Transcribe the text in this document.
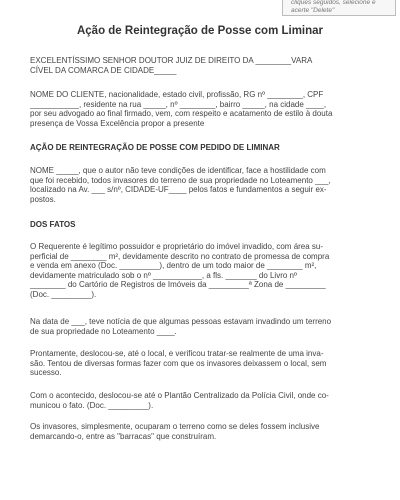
cliques seguidos, selecione e
acerte "Delete"
Ação de Reintegração de Posse com Liminar
EXCELENTÍSSIMO SENHOR DOUTOR JUIZ DE DIREITO DA ________VARA
CÍVEL DA COMARCA DE CIDADE_____
NOME DO CLIENTE, nacionalidade, estado civil, profissão, RG nº ________, CPF
___________, residente na rua _____, nº ________, bairro _____, na cidade ____,
por seu advogado ao final firmado, vem, com respeito e acatamento de estilo à douta
presença de Vossa Excelência propor a presente
AÇÃO DE REINTEGRAÇÃO DE POSSE COM PEDIDO DE LIMINAR
NOME _____, que o autor não teve condições de identificar, face a hostilidade com
que foi recebido, todos invasores do terreno de sua propriedade no Loteamento ___,
localizado na Av. ___ s/nº, CIDADE-UF____ pelos fatos e fundamentos a seguir ex-
postos.
DOS FATOS
O Requerente é legítimo possuidor e proprietário do imóvel invadido, com área su-
perficial de ________ m², devidamente descrito no contrato de promessa de compra
e venda em anexo (Doc. _________), dentro de um todo maior de ________ m²,
devidamente matriculado sob o nº ___________, a fls. _______ do Livro nº
________ do Cartório de Registros de Imóveis da _________ª Zona de _________
(Doc. _________).
Na data de ___, teve notícia de que algumas pessoas estavam invadindo um terreno
de sua propriedade no Loteamento ____.
Prontamente, deslocou-se, até o local, e verificou tratar-se realmente de uma inva-
são. Tentou de diversas formas fazer com que os invasores deixassem o local, sem
sucesso.
Com o acontecido, deslocou-se até o Plantão Centralizado da Polícia Civil, onde co-
municou o fato. (Doc. _________).
Os invasores, simplesmente, ocuparam o terreno como se deles fossem inclusive
demarcando-o, entre as "barracas" que construíram.
